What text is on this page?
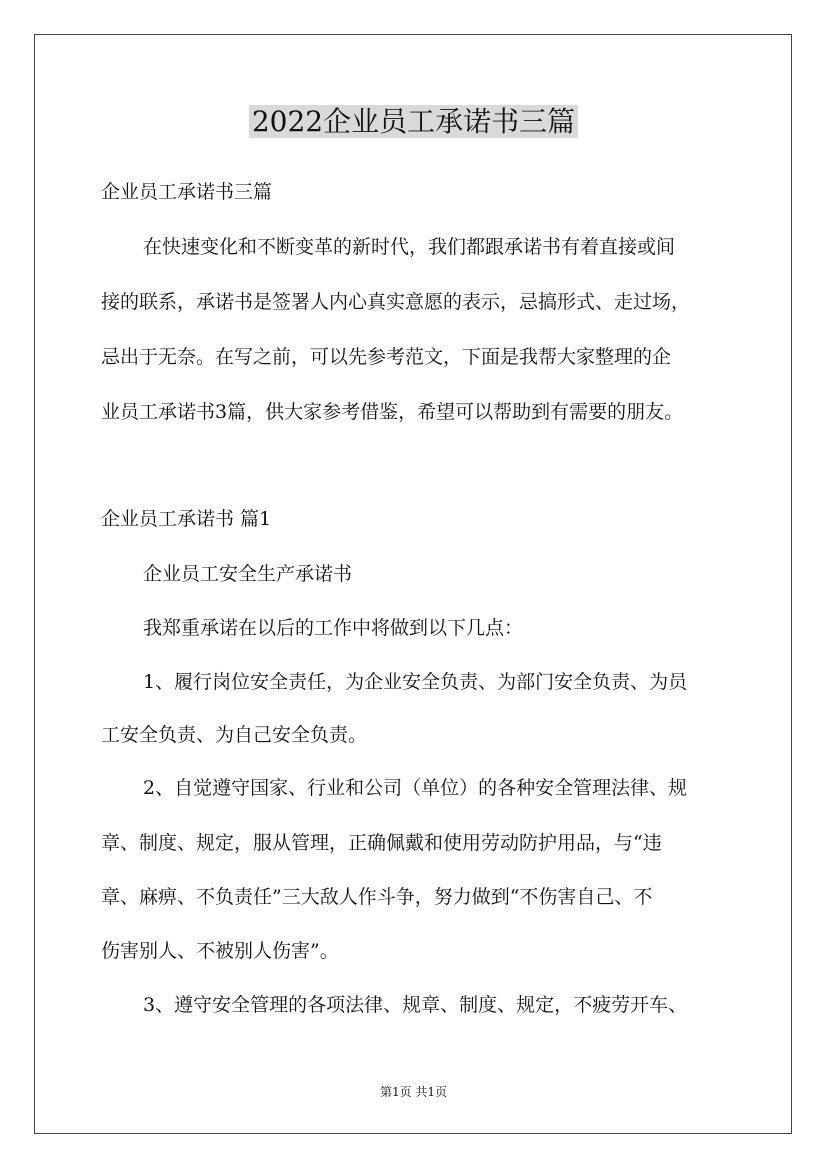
2022企业员工承诺书三篇
企业员工承诺书三篇
在快速变化和不断变革的新时代，我们都跟承诺书有着直接或间
接的联系，承诺书是签署人内心真实意愿的表示，忌搞形式、走过场，
忌出于无奈。在写之前，可以先参考范文，下面是我帮大家整理的企
业员工承诺书3篇，供大家参考借鉴，希望可以帮助到有需要的朋友。
企业员工承诺书 篇1
企业员工安全生产承诺书
我郑重承诺在以后的工作中将做到以下几点：
1、履行岗位安全责任，为企业安全负责、为部门安全负责、为员
工安全负责、为自己安全负责。
2、自觉遵守国家、行业和公司（单位）的各种安全管理法律、规
章、制度、规定，服从管理，正确佩戴和使用劳动防护用品，与“违
章、麻痹、不负责任”三大敌人作斗争，努力做到“不伤害自己、不
伤害别人、不被别人伤害”。
3、遵守安全管理的各项法律、规章、制度、规定，不疲劳开车、
第1页 共1页
